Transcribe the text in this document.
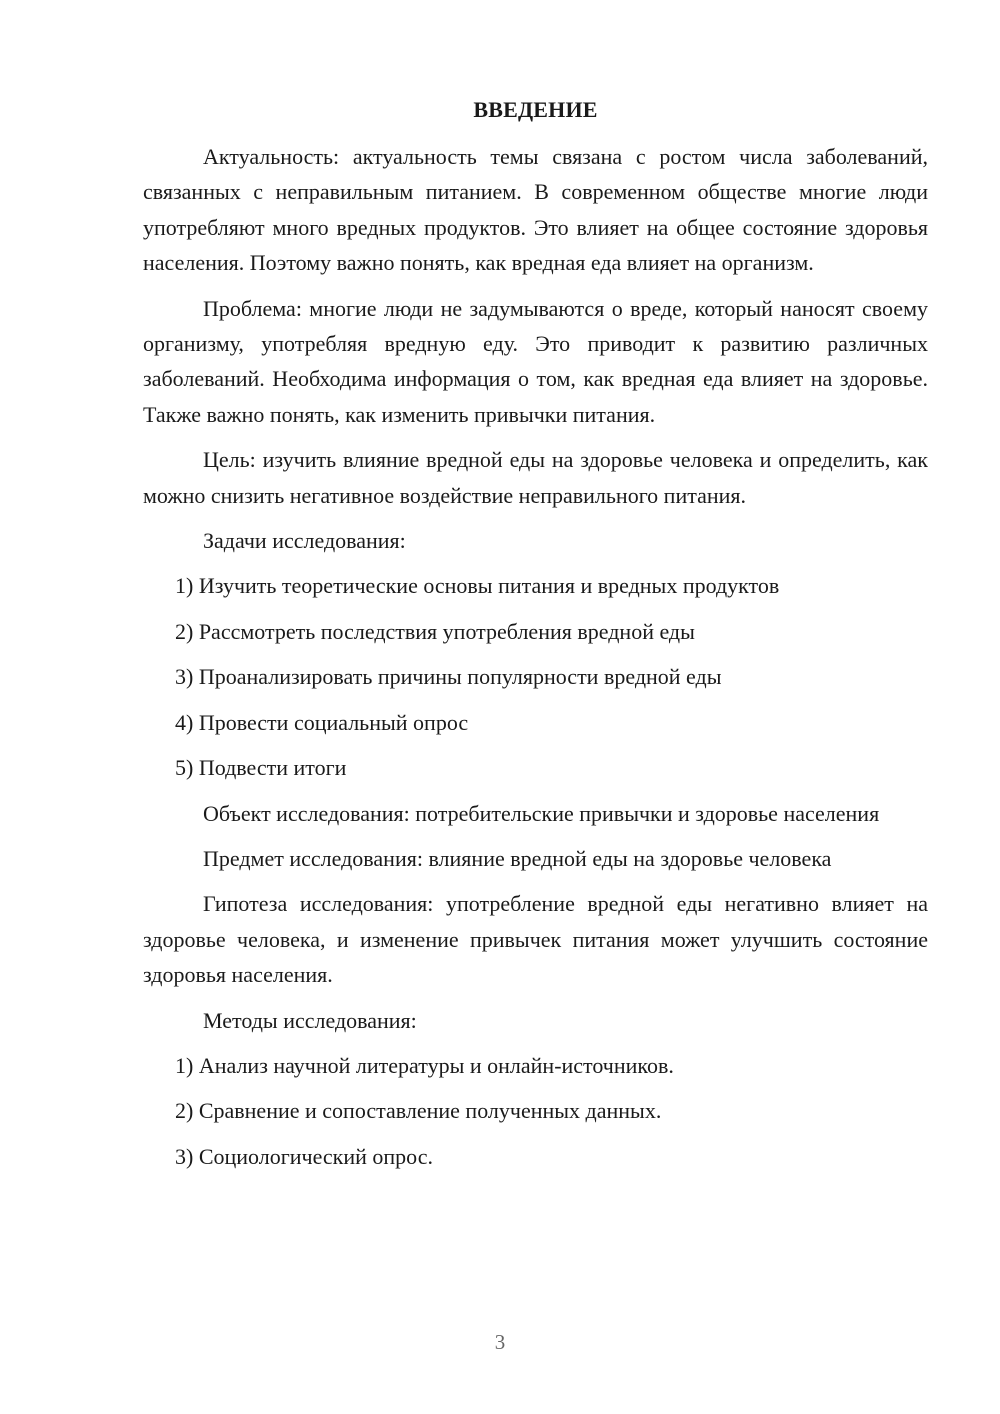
ВВЕДЕНИЕ
Актуальность: актуальность темы связана с ростом числа заболеваний, связанных с неправильным питанием. В современном обществе многие люди употребляют много вредных продуктов. Это влияет на общее состояние здоровья населения. Поэтому важно понять, как вредная еда влияет на организм.
Проблема: многие люди не задумываются о вреде, который наносят своему организму, употребляя вредную еду. Это приводит к развитию различных заболеваний. Необходима информация о том, как вредная еда влияет на здоровье. Также важно понять, как изменить привычки питания.
Цель: изучить влияние вредной еды на здоровье человека и определить, как можно снизить негативное воздействие неправильного питания.
Задачи исследования:
1) Изучить теоретические основы питания и вредных продуктов
2) Рассмотреть последствия употребления вредной еды
3) Проанализировать причины популярности вредной еды
4) Провести социальный опрос
5) Подвести итоги
Объект исследования: потребительские привычки и здоровье населения
Предмет исследования: влияние вредной еды на здоровье человека
Гипотеза исследования: употребление вредной еды негативно влияет на здоровье человека, и изменение привычек питания может улучшить состояние здоровья населения.
Методы исследования:
1) Анализ научной литературы и онлайн-источников.
2) Сравнение и сопоставление полученных данных.
3) Социологический опрос.
3
